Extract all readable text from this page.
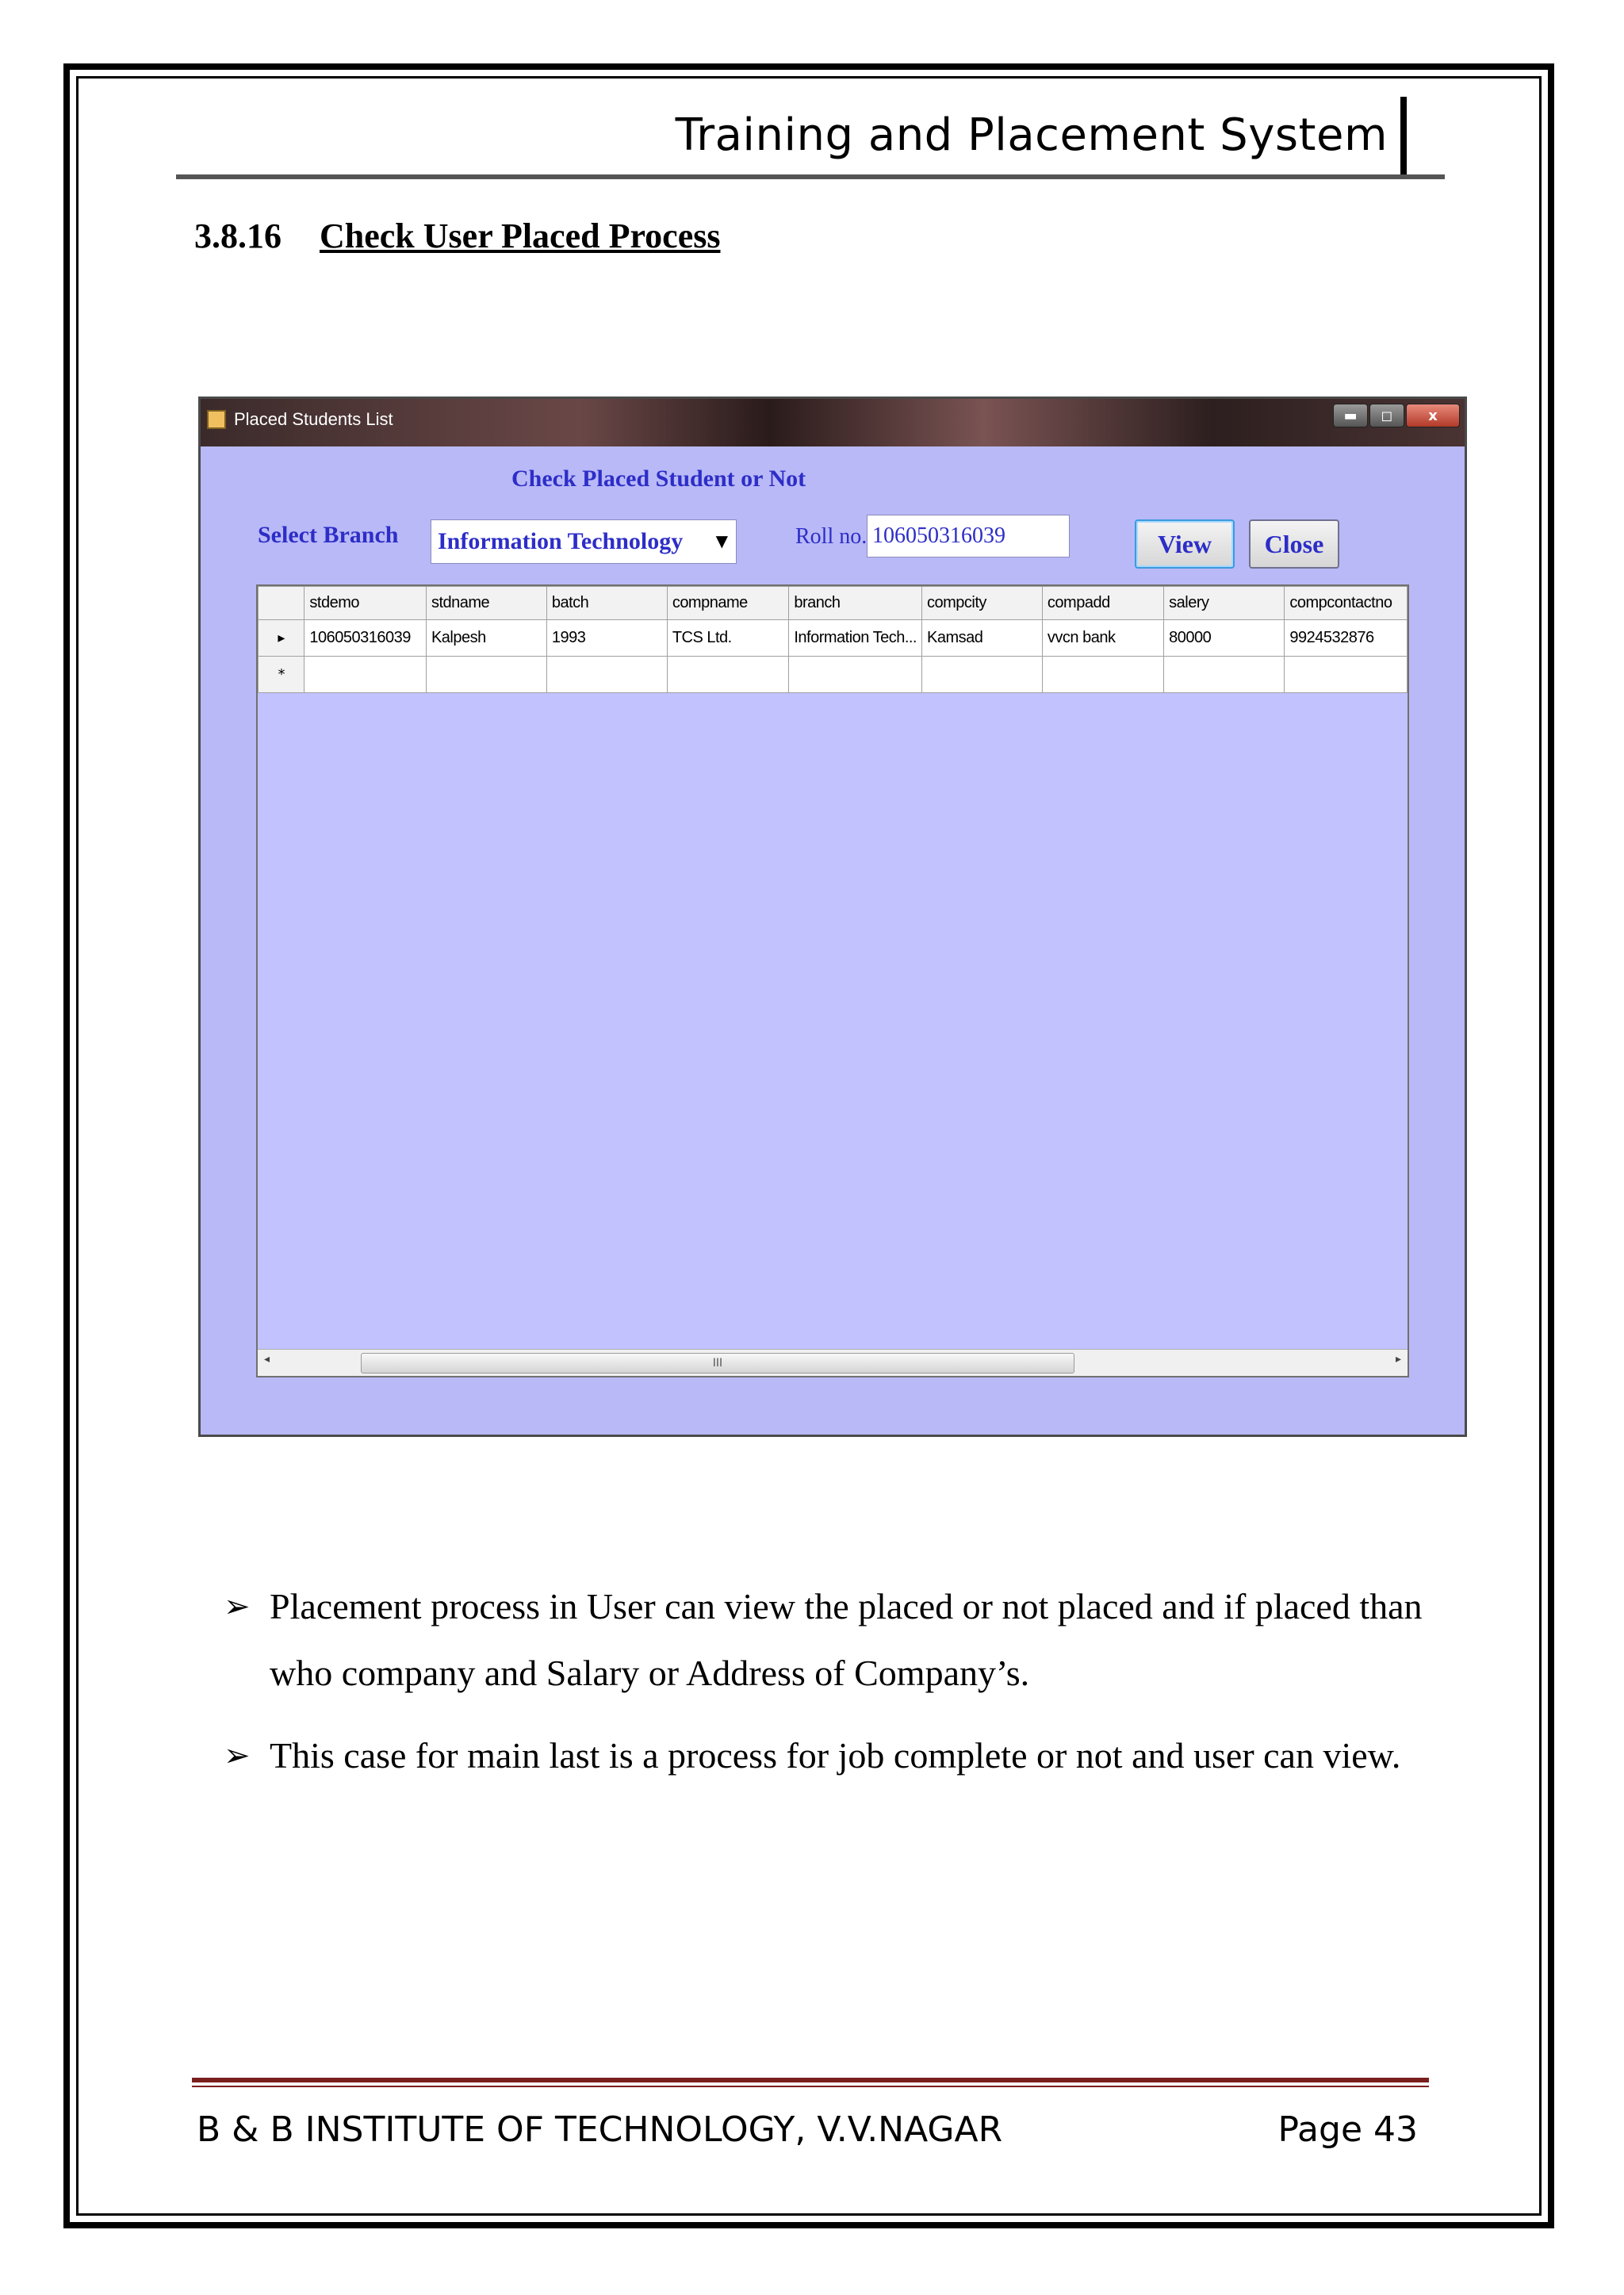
Training and Placement System
3.8.16 Check User Placed Process
Placed Students List	▬	◻	x
Check Placed Student or Not
Select Branch Information Technology ▼	Roll no.
106050316039	View	Close
	stdemo	stdname	batch	compname	branch	compcity	compadd	salery	compcontactno
▸	106050316039	Kalpesh	1993	TCS Ltd.	Information Tech...	Kamsad	vvcn bank	80000	9924532876
*									
◂	III	▸
➢ Placement process in User can view the placed or not placed and if placed than who company and Salary or Address of Company’s.
➢ This case for main last is a process for job complete or not and user can view.
B & B INSTITUTE OF TECHNOLOGY, V.V.NAGAR	Page 43
